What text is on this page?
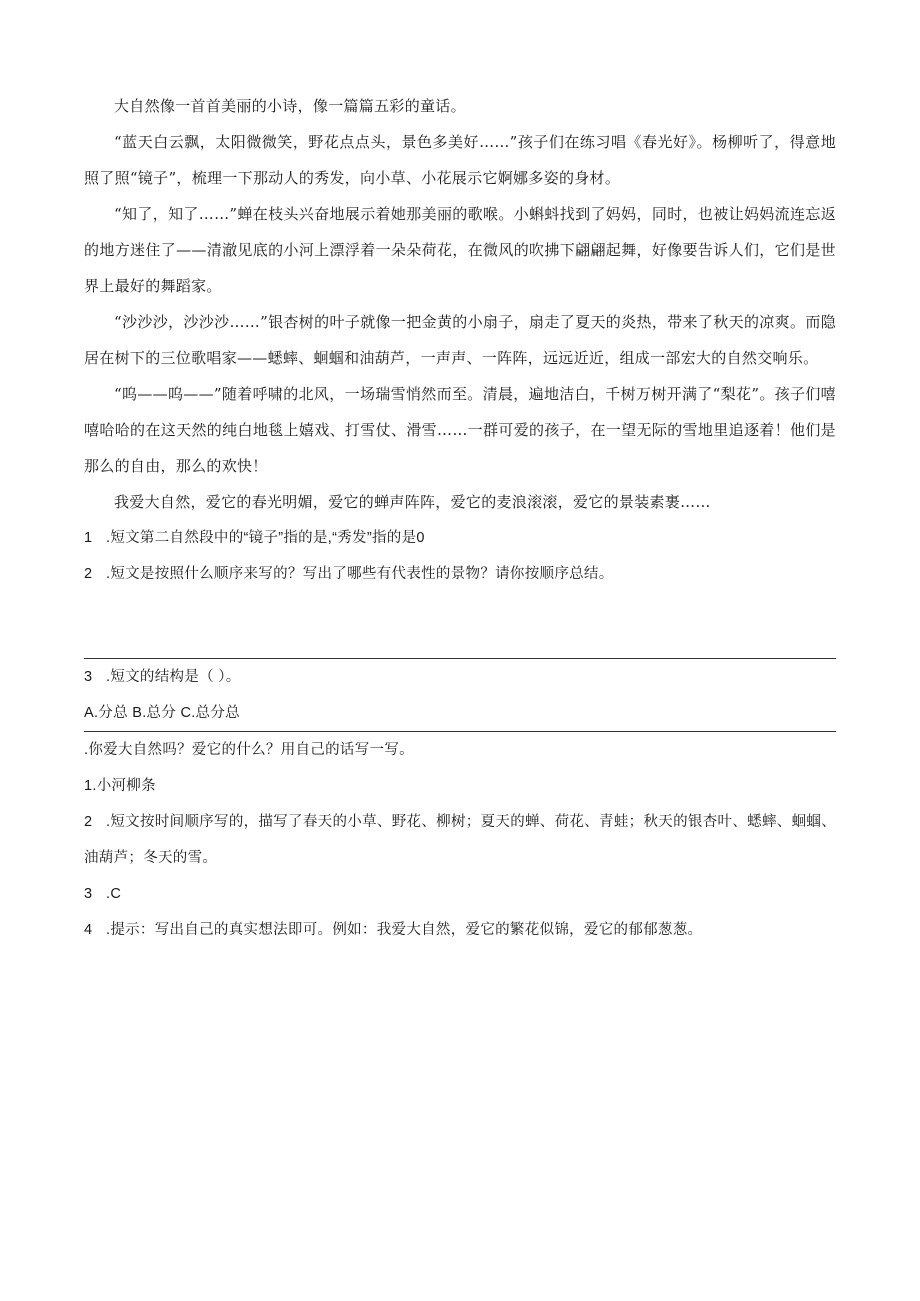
大自然像一首首美丽的小诗，像一篇篇五彩的童话。

“蓝天白云飘，太阳微微笑，野花点点头，景色多美好……”孩子们在练习唱《春光好》。杨柳听了，得意地照了照“镜子”，梳理一下那动人的秀发，向小草、小花展示它婀娜多姿的身材。

“知了，知了……”蝉在枝头兴奋地展示着她那美丽的歌喉。小蝌蚪找到了妈妈，同时，也被让妈妈流连忘返的地方迷住了——清澈见底的小河上漂浮着一朵朵荷花，在微风的吹拂下翩翩起舞，好像要告诉人们，它们是世界上最好的舞蹈家。

“沙沙沙，沙沙沙……”银杏树的叶子就像一把金黄的小扇子，扇走了夏天的炎热，带来了秋天的凉爽。而隐居在树下的三位歌唱家——蟋蟀、蛔蝈和油葫芦，一声声、一阵阵，远远近近，组成一部宏大的自然交响乐。

“呜——呜——”随着呼啸的北风，一场瑞雪悄然而至。清晨，遍地洁白，千树万树开满了“梨花”。孩子们嘻嘻哈哈的在这天然的纯白地毯上嬉戏、打雪仗、滑雪……一群可爱的孩子，在一望无际的雪地里追逐着！他们是那么的自由，那么的欢快！

我爱大自然，爱它的春光明媚，爱它的蝉声阵阵，爱它的麦浪滚滚，爱它的景装素裹……

1 .短文第二自然段中的“镜子”指的是,“秀发”指的是0

2 .短文是按照什么顺序来写的？写出了哪些有代表性的景物？请你按顺序总结。

3 .短文的结构是（ ）。

A.分总 B.总分 C.总分总

.你爱大自然吗？爱它的什么？用自己的话写一写。

1.小河柳条

2 .短文按时间顺序写的，描写了春天的小草、野花、柳树；夏天的蝉、荷花、青蛙；秋天的银杏叶、蟋蟀、蛔蝈、油葫芦；冬天的雪。

3 .C

4 .提示：写出自己的真实想法即可。例如：我爱大自然，爱它的繁花似锦，爱它的郁郁葱葱。
